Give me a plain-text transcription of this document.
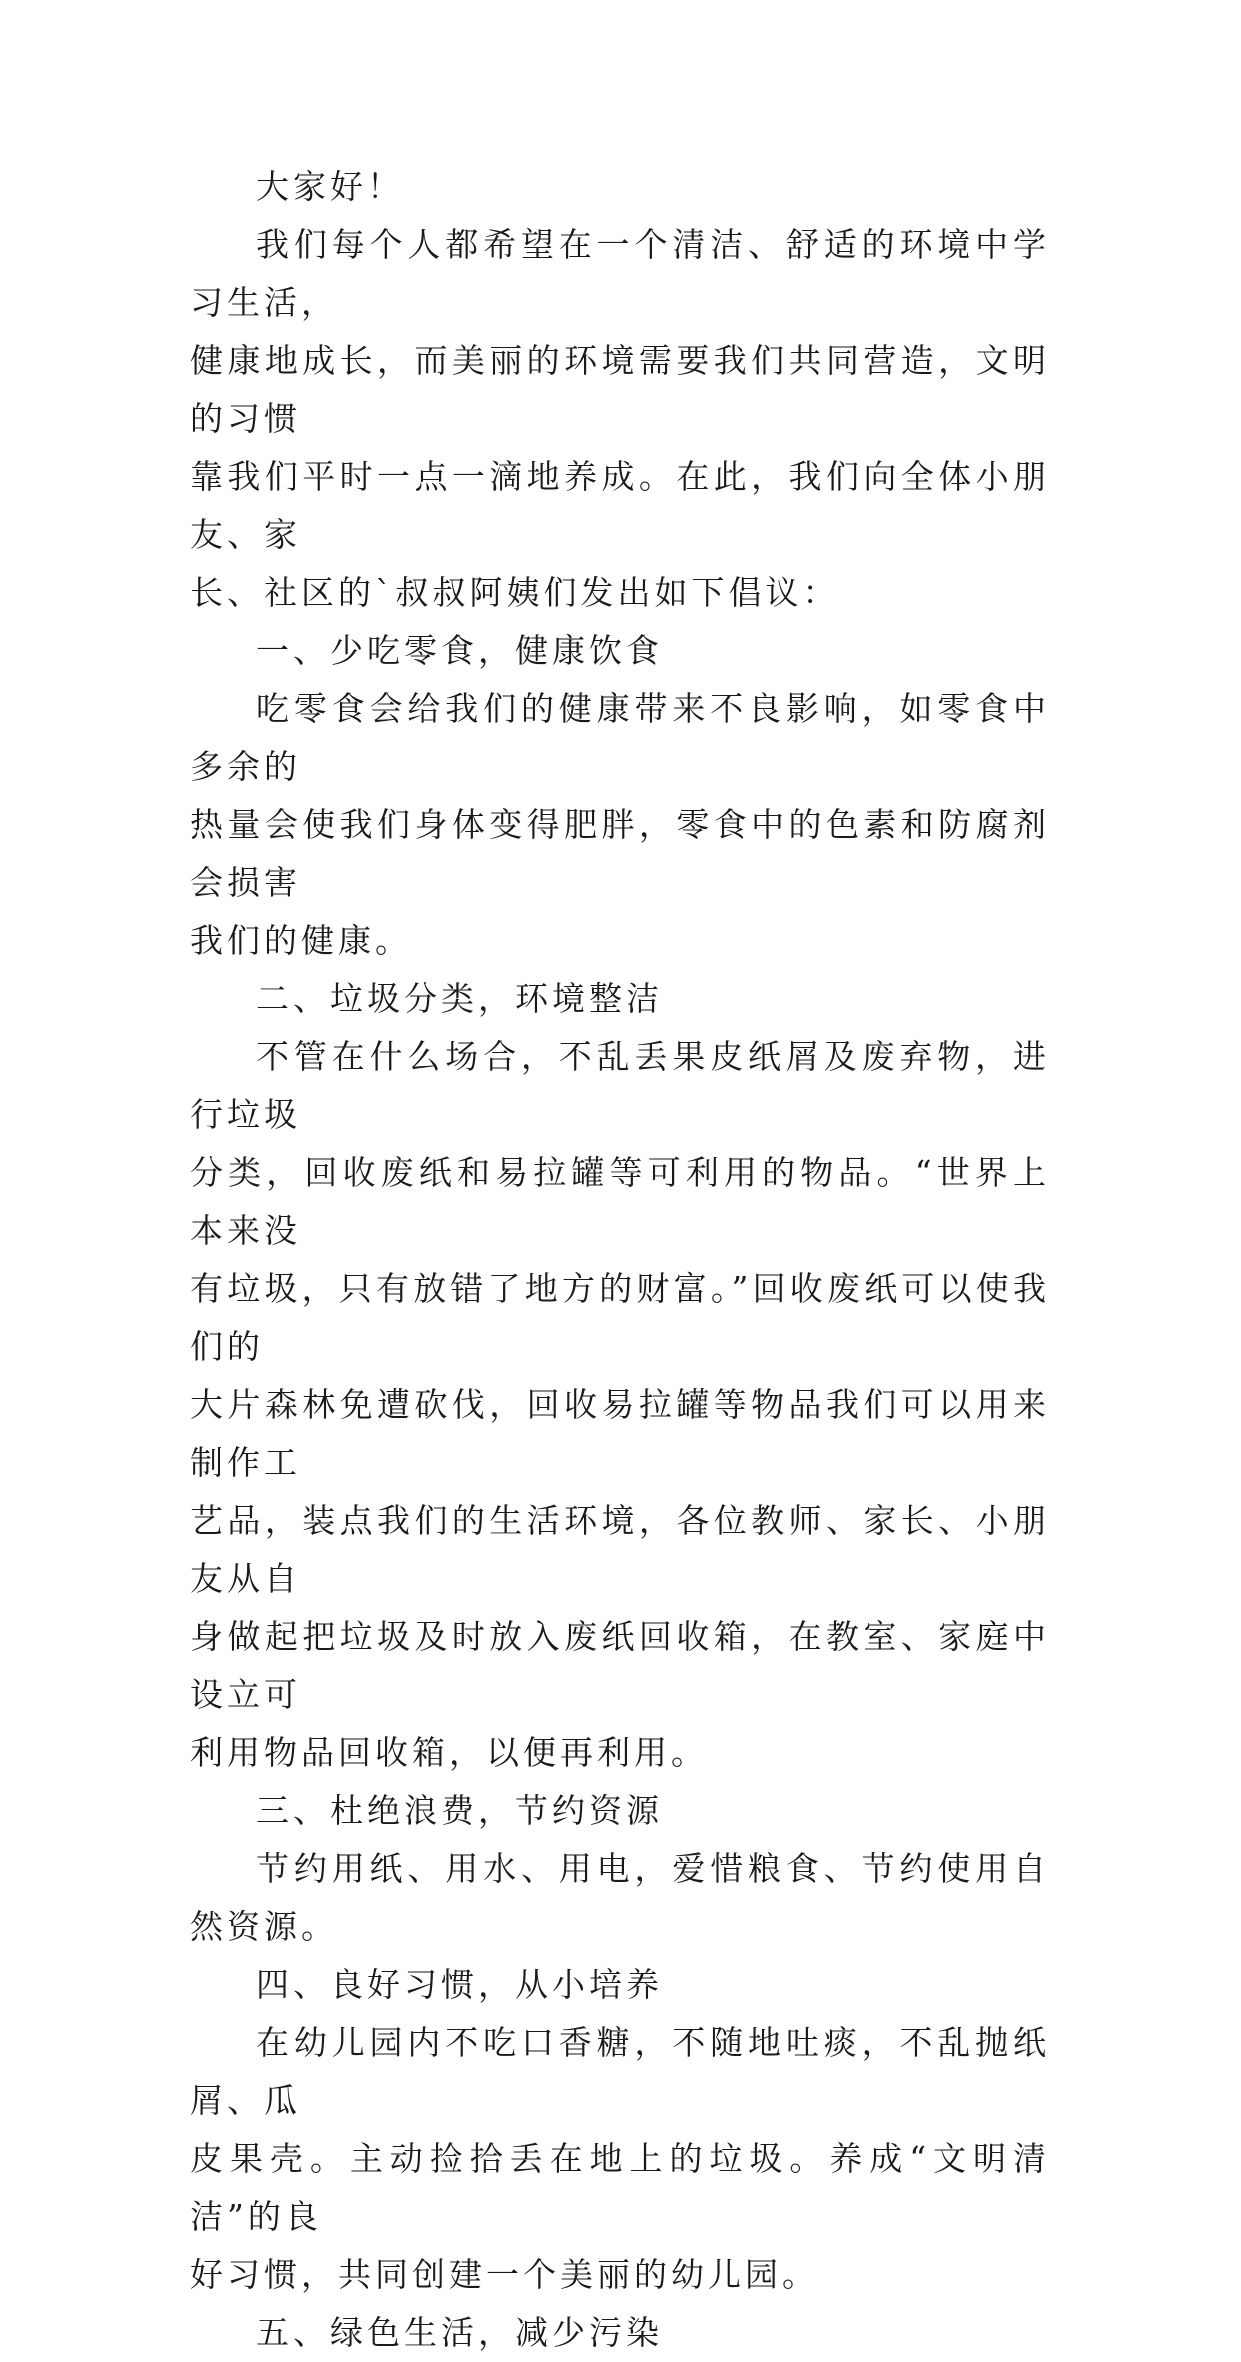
大家好！

我们每个人都希望在一个清洁、舒适的环境中学习生活，
健康地成长，而美丽的环境需要我们共同营造，文明的习惯
靠我们平时一点一滴地养成。在此，我们向全体小朋友、家
长、社区的`叔叔阿姨们发出如下倡议：

一、少吃零食，健康饮食

吃零食会给我们的健康带来不良影响，如零食中多余的
热量会使我们身体变得肥胖，零食中的色素和防腐剂会损害
我们的健康。

二、垃圾分类，环境整洁

不管在什么场合，不乱丢果皮纸屑及废弃物，进行垃圾
分类，回收废纸和易拉罐等可利用的物品。“世界上本来没
有垃圾，只有放错了地方的财富。”回收废纸可以使我们的
大片森林免遭砍伐，回收易拉罐等物品我们可以用来制作工
艺品，装点我们的生活环境，各位教师、家长、小朋友从自
身做起把垃圾及时放入废纸回收箱，在教室、家庭中设立可
利用物品回收箱，以便再利用。

三、杜绝浪费，节约资源

节约用纸、用水、用电，爱惜粮食、节约使用自然资源。

四、良好习惯，从小培养

在幼儿园内不吃口香糖，不随地吐痰，不乱抛纸屑、瓜
皮果壳。主动捡拾丢在地上的垃圾。养成“文明清洁”的良
好习惯，共同创建一个美丽的幼儿园。

五、绿色生活，减少污染
